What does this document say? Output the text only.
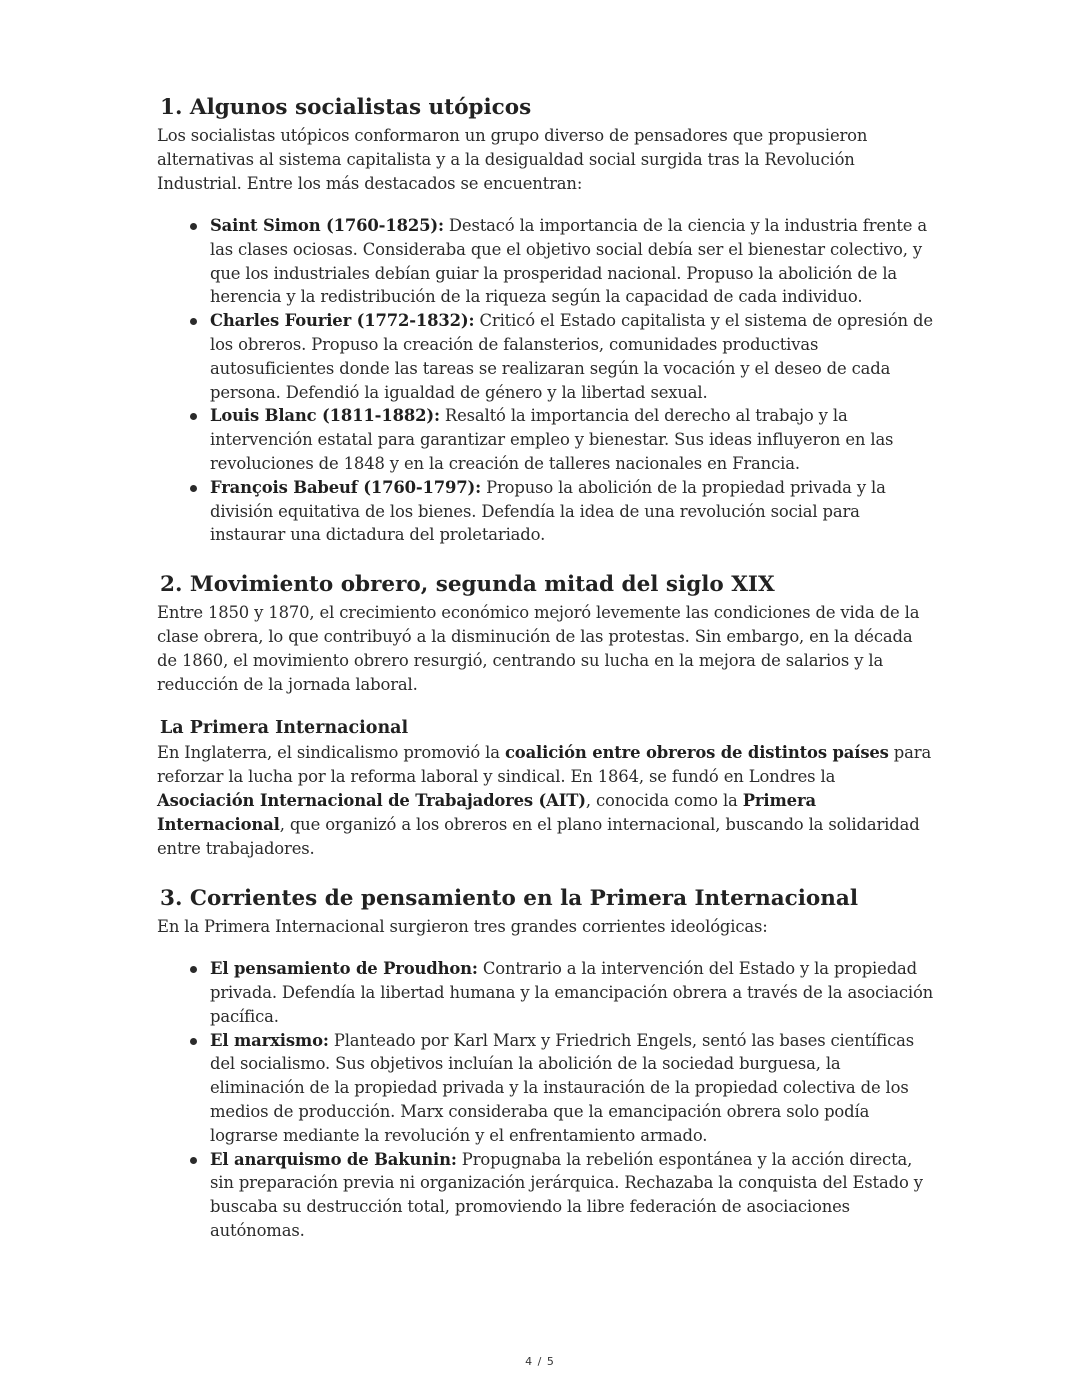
1. Algunos socialistas utópicos

Los socialistas utópicos conformaron un grupo diverso de pensadores que propusieron alternativas al sistema capitalista y a la desigualdad social surgida tras la Revolución Industrial. Entre los más destacados se encuentran:

Saint Simon (1760-1825): Destacó la importancia de la ciencia y la industria frente a las clases ociosas. Consideraba que el objetivo social debía ser el bienestar colectivo, y que los industriales debían guiar la prosperidad nacional. Propuso la abolición de la herencia y la redistribución de la riqueza según la capacidad de cada individuo.
Charles Fourier (1772-1832): Criticó el Estado capitalista y el sistema de opresión de los obreros. Propuso la creación de falansterios, comunidades productivas autosuficientes donde las tareas se realizaran según la vocación y el deseo de cada persona. Defendió la igualdad de género y la libertad sexual.
Louis Blanc (1811-1882): Resaltó la importancia del derecho al trabajo y la intervención estatal para garantizar empleo y bienestar. Sus ideas influyeron en las revoluciones de 1848 y en la creación de talleres nacionales en Francia.
François Babeuf (1760-1797): Propuso la abolición de la propiedad privada y la división equitativa de los bienes. Defendía la idea de una revolución social para instaurar una dictadura del proletariado.
2. Movimiento obrero, segunda mitad del siglo XIX

Entre 1850 y 1870, el crecimiento económico mejoró levemente las condiciones de vida de la clase obrera, lo que contribuyó a la disminución de las protestas. Sin embargo, en la década de 1860, el movimiento obrero resurgió, centrando su lucha en la mejora de salarios y la reducción de la jornada laboral.

La Primera Internacional

En Inglaterra, el sindicalismo promovió la coalición entre obreros de distintos países para reforzar la lucha por la reforma laboral y sindical. En 1864, se fundó en Londres la Asociación Internacional de Trabajadores (AIT), conocida como la Primera Internacional, que organizó a los obreros en el plano internacional, buscando la solidaridad entre trabajadores.

3. Corrientes de pensamiento en la Primera Internacional

En la Primera Internacional surgieron tres grandes corrientes ideológicas:

El pensamiento de Proudhon: Contrario a la intervención del Estado y la propiedad privada. Defendía la libertad humana y la emancipación obrera a través de la asociación pacífica.
El marxismo: Planteado por Karl Marx y Friedrich Engels, sentó las bases científicas del socialismo. Sus objetivos incluían la abolición de la sociedad burguesa, la eliminación de la propiedad privada y la instauración de la propiedad colectiva de los medios de producción. Marx consideraba que la emancipación obrera solo podía lograrse mediante la revolución y el enfrentamiento armado.
El anarquismo de Bakunin: Propugnaba la rebelión espontánea y la acción directa, sin preparación previa ni organización jerárquica. Rechazaba la conquista del Estado y buscaba su destrucción total, promoviendo la libre federación de asociaciones autónomas.
4 / 5
